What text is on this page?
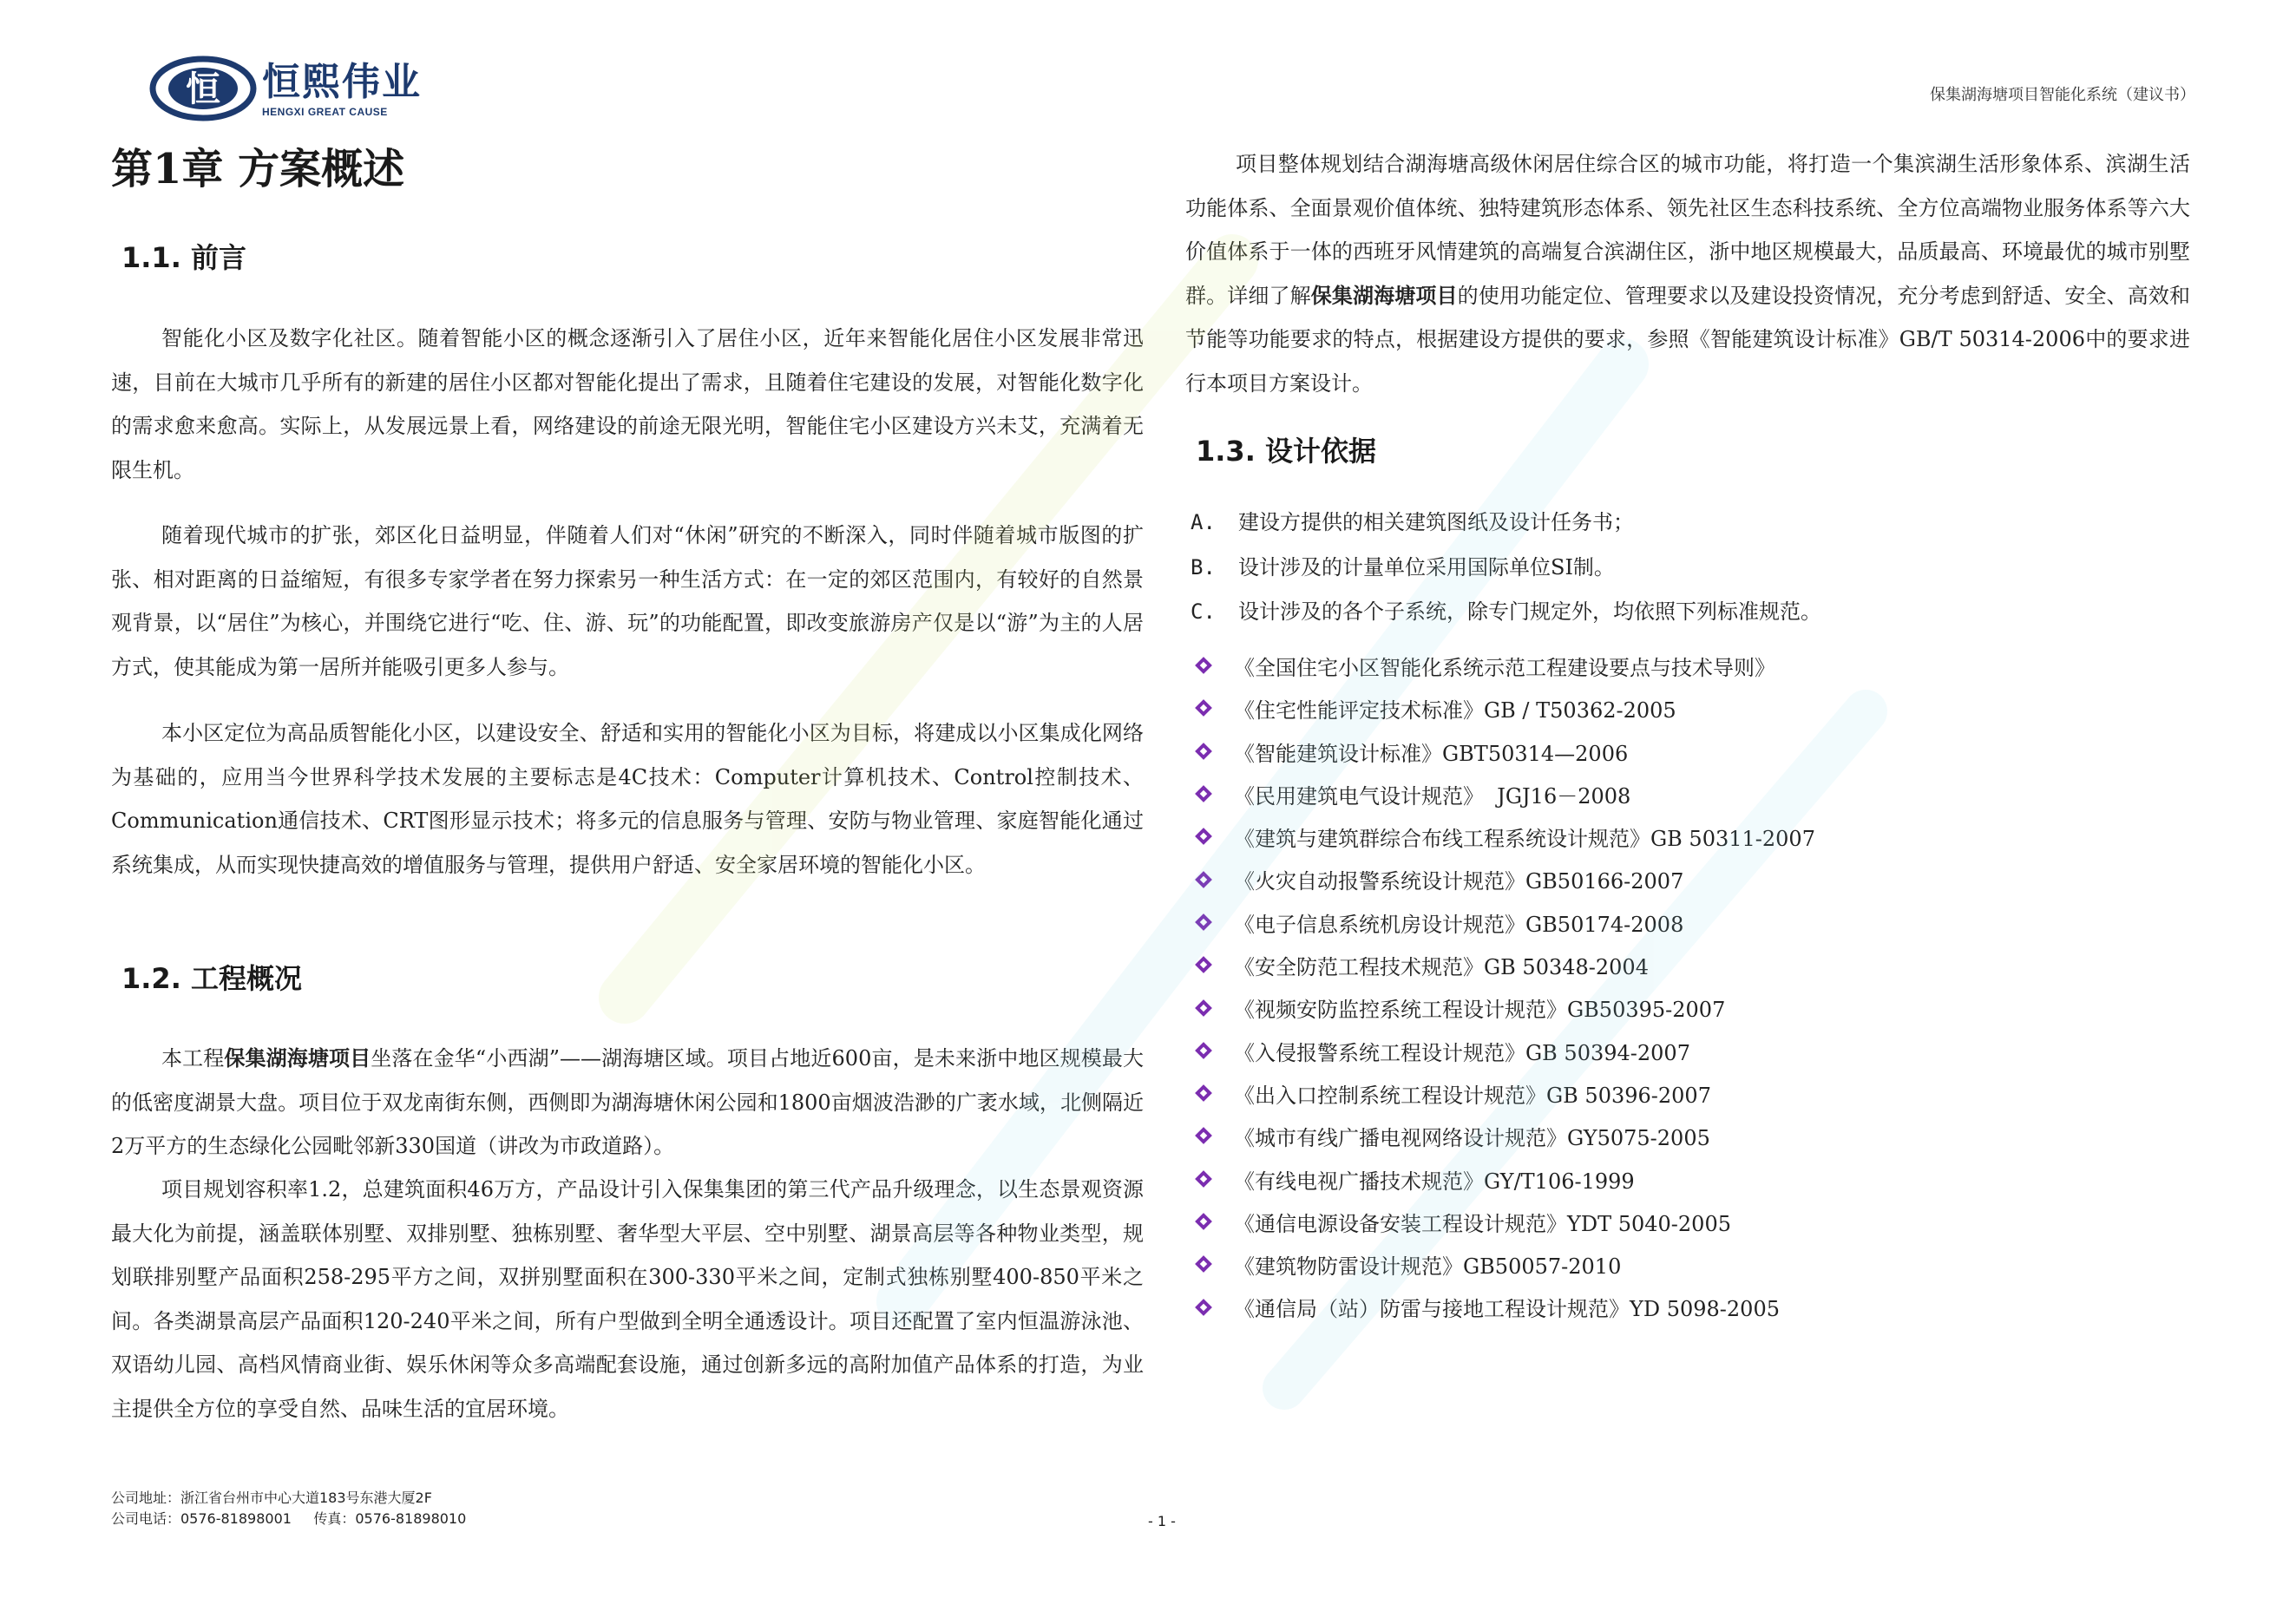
恒 恒熙伟业
HENGXI GREAT CAUSE
保集湖海塘项目智能化系统（建议书）
第1章 方案概述
1.1. 前言

智能化小区及数字化社区。随着智能小区的概念逐渐引入了居住小区，近年来智能化居住小区发展非常迅速，目前在大城市几乎所有的新建的居住小区都对智能化提出了需求，且随着住宅建设的发展，对智能化数字化的需求愈来愈高。实际上，从发展远景上看，网络建设的前途无限光明，智能住宅小区建设方兴未艾，充满着无限生机。

随着现代城市的扩张，郊区化日益明显，伴随着人们对“休闲”研究的不断深入，同时伴随着城市版图的扩张、相对距离的日益缩短，有很多专家学者在努力探索另一种生活方式：在一定的郊区范围内，有较好的自然景观背景，以“居住”为核心，并围绕它进行“吃、住、游、玩”的功能配置，即改变旅游房产仅是以“游”为主的人居方式，使其能成为第一居所并能吸引更多人参与。

本小区定位为高品质智能化小区，以建设安全、舒适和实用的智能化小区为目标，将建成以小区集成化网络为基础的，应用当今世界科学技术发展的主要标志是4C技术：Computer计算机技术、Control控制技术、Communication通信技术、CRT图形显示技术；将多元的信息服务与管理、安防与物业管理、家庭智能化通过系统集成，从而实现快捷高效的增值服务与管理，提供用户舒适、安全家居环境的智能化小区。

1.2. 工程概况

本工程保集湖海塘项目坐落在金华“小西湖”——湖海塘区域。项目占地近600亩，是未来浙中地区规模最大的低密度湖景大盘。项目位于双龙南街东侧，西侧即为湖海塘休闲公园和1800亩烟波浩渺的广袤水域，北侧隔近2万平方的生态绿化公园毗邻新330国道（讲改为市政道路）。

项目规划容积率1.2，总建筑面积46万方，产品设计引入保集集团的第三代产品升级理念，以生态景观资源最大化为前提，涵盖联体别墅、双排别墅、独栋别墅、奢华型大平层、空中别墅、湖景高层等各种物业类型，规划联排别墅产品面积258-295平方之间，双拼别墅面积在300-330平米之间，定制式独栋别墅400-850平米之间。各类湖景高层产品面积120-240平米之间，所有户型做到全明全通透设计。项目还配置了室内恒温游泳池、双语幼儿园、高档风情商业街、娱乐休闲等众多高端配套设施，通过创新多远的高附加值产品体系的打造，为业主提供全方位的享受自然、品味生活的宜居环境。

项目整体规划结合湖海塘高级休闲居住综合区的城市功能，将打造一个集滨湖生活形象体系、滨湖生活功能体系、全面景观价值体统、独特建筑形态体系、领先社区生态科技系统、全方位高端物业服务体系等六大价值体系于一体的西班牙风情建筑的高端复合滨湖住区，浙中地区规模最大，品质最高、环境最优的城市别墅群。详细了解保集湖海塘项目的使用功能定位、管理要求以及建设投资情况，充分考虑到舒适、安全、高效和节能等功能要求的特点，根据建设方提供的要求，参照《智能建筑设计标准》GB/T 50314-2006中的要求进行本项目方案设计。

1.3. 设计依据
A.	建设方提供的相关建筑图纸及设计任务书；
B.	设计涉及的计量单位采用国际单位SI制。
C.	设计涉及的各个子系统，除专门规定外，均依照下列标准规范。
《全国住宅小区智能化系统示范工程建设要点与技术导则》
《住宅性能评定技术标准》GB / T50362-2005
《智能建筑设计标准》GBT50314—2006
《民用建筑电气设计规范》  JGJ16－2008
《建筑与建筑群综合布线工程系统设计规范》GB 50311-2007
《火灾自动报警系统设计规范》GB50166-2007
《电子信息系统机房设计规范》GB50174-2008
《安全防范工程技术规范》GB 50348-2004
《视频安防监控系统工程设计规范》GB50395-2007
《入侵报警系统工程设计规范》GB 50394-2007
《出入口控制系统工程设计规范》GB 50396-2007
《城市有线广播电视网络设计规范》GY5075-2005
《有线电视广播技术规范》GY/T106-1999
《通信电源设备安装工程设计规范》YDT 5040-2005
《建筑物防雷设计规范》GB50057-2010
《通信局（站）防雷与接地工程设计规范》YD 5098-2005
公司地址：浙江省台州市中心大道183号东港大厦2F
公司电话：0576-81898001     传真：0576-81898010	- 1 -
